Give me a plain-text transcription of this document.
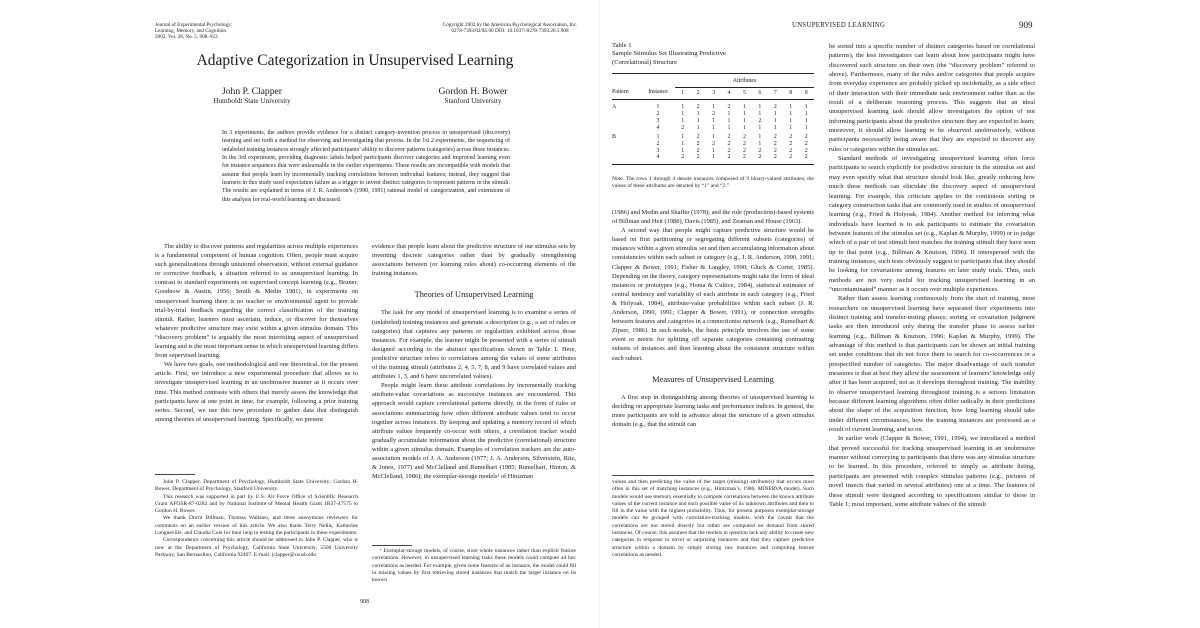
Journal of Experimental Psychology:
Learning, Memory, and Cognition
2002, Vol. 28, No. 5, 908–923
Copyright 2002 by the American Psychological Association, Inc.
0278-7393/02/$5.00 DOI: 10.1037//0278-7393.28.5.908
Adaptive Categorization in Unsupervised Learning
John P. Clapper
Humboldt State University
Gordon H. Bower
Stanford University
In 3 experiments, the authors provide evidence for a distinct category-invention process in unsupervised (discovery) learning and set forth a method for observing and investigating that process. In the 1st 2 experiments, the sequencing of unlabeled training instances strongly affected participants’ ability to discover patterns (categories) across those instances. In the 3rd experiment, providing diagnostic labels helped participants discover categories and improved learning even for instance sequences that were unlearnable in the earlier experiments. These results are incompatible with models that assume that people learn by incrementally tracking correlations between individual features; instead, they suggest that learners in this study used expectation failure as a trigger to invent distinct categories to represent patterns in the stimuli. The results are explained in terms of J. R. Anderson’s (1990, 1991) rational model of categorization, and extensions of this analysis for real-world learning are discussed.

The ability to discover patterns and regularities across multiple experiences is a fundamental component of human cognition. Often, people must acquire such generalizations through untutored observation, without external guidance or corrective feedback, a situation referred to as unsupervised learning. In contrast to standard experiments on supervised concept learning (e.g., Bruner, Goodnow & Austin, 1956; Smith & Medin 1981), in experiments on unsupervised learning there is no teacher or environmental agent to provide trial-by-trial feedback regarding the correct classification of the training stimuli. Rather, learners must ascertain, induce, or discover for themselves whatever predictive structure may exist within a given stimulus domain. This “discovery problem” is arguably the most interesting aspect of unsupervised learning and is the most important sense in which unsupervised learning differs from supervised learning.

We have two goals, one methodological and one theoretical, for the present article. First, we introduce a new experimental procedure that allows us to investigate unsupervised learning in an unobtrusive manner as it occurs over time. This method contrasts with others that merely assess the knowledge that participants have at one point in time, for example, following a prior training series. Second, we use this new procedure to gather data that distinguish among theories of unsupervised learning. Specifically, we present

John P. Clapper, Department of Psychology, Humboldt State University; Gordon H. Bower, Department of Psychology, Stanford University.

This research was supported in part by U.S. Air Force Office of Scientific Research Grant AFOSR-87-0282 and by National Institute of Mental Health Grant 1R37-47575 to Gordon H. Bower.

We thank Dorrit Billman, Thomas Wallsten, and three anonymous reviewers for comments on an earlier version of this article. We also thank Terry Nellis, Katherine Longueville, and Claudia Cole for their help in testing the participants in these experiments.

Correspondence concerning this article should be addressed to John P. Clapper, who is now at the Department of Psychology, California State University, 5500 University Parkway, San Bernardino, California 92407. E-mail: jclapper@csusb.edu

evidence that people learn about the predictive structure of our stimulus sets by inventing discrete categories rather than by gradually strengthening associations between (or learning rules about) co-occurring elements of the training instances.

Theories of Unsupervised Learning

The task for any model of unsupervised learning is to examine a series of (unlabeled) training instances and generate a description (e.g., a set of rules or categories) that captures any patterns or regularities exhibited across those instances. For example, the learner might be presented with a series of stimuli designed according to the abstract specifications shown in Table 1. Here, predictive structure refers to correlations among the values of some attributes of the training stimuli (attributes 2, 4, 5, 7, 8, and 9 have correlated values and attributes 1, 3, and 6 have uncorrelated values).

People might learn these attribute correlations by incrementally tracking attribute-value covariations as successive instances are encountered. This approach would capture correlational patterns directly, in the form of rules or associations summarizing how often different attribute values tend to occur together across instances. By keeping and updating a memory record of which attribute values frequently co-occur with others, a correlation tracker would gradually accumulate information about the predictive (correlational) structure within a given stimulus domain. Examples of correlation trackers are the auto-association models of J. A. Anderson (1977; J. A. Anderson, Silverstein, Ritz, & Jones, 1977) and McClelland and Rumelhart (1985; Rumelhart, Hinton, & McClelland, 1986); the exemplar-storage models¹ of Hintzman

¹ Exemplar-storage models, of course, store whole instances rather than explicit feature correlations. However, in unsupervised learning tasks these models could compute ad hoc correlations as needed. For example, given some features of an instance, the model could fill in missing values by first retrieving stored instances that match the target instance on its known

908
UNSUPERVISED LEARNING	909
Table 1
Sample Stimulus Set Illustrating Predictive
(Correlational) Structure
		Attributes								
Pattern	Instance	1	2	3	4	5	6	7	8	9
A	1	1	2	1	2	1	1	2	1	1
	2	1	1	2	1	1	1	1	1	1
	3	1	1	1	1	1	2	1	1	1
	4	2	1	1	1	1	1	1	1	1
B	1	1	2	1	2	2	1	2	2	2
	2	1	2	2	2	2	1	2	2	2
	3	1	2	1	2	2	2	2	2	2
	4	2	2	1	2	2	2	2	2	2
Note. The rows 1 through 4 denote instances composed of 9 binary-valued attributes; the values of these attributes are denoted by “1” and “2.”

(1986) and Medin and Shaffer (1978); and the rule (production)-based systems of Billman and Heit (1988), Davis (1985), and Zeaman and House (1963).

A second way that people might capture predictive structure would be based on first partitioning or segregating different subsets (categories) of instances within a given stimulus set and then accumulating information about consistencies within each subset or category (e.g., J. R. Anderson, 1990, 1991; Clapper & Bower, 1991; Fisher & Langley, 1990; Gluck & Corter, 1985). Depending on the theory, category representations might take the form of ideal instances or prototypes (e.g., Homa & Cultice, 1984), statistical estimates of central tendency and variability of each attribute in each category (e.g., Fried & Holyoak, 1984), attribute-value probabilities within each subset (J. R. Anderson, 1990, 1991; Clapper & Bower, 1991), or connection strengths between features and categories in a connectionist network (e.g., Rumelhart & Zipser, 1986). In such models, the basic principle involves the use of some event or metric for splitting off separate categories containing contrasting subsets of instances and then learning about the consistent structure within each subset.

Measures of Unsupervised Learning

A first step in distinguishing among theories of unsupervised learning is deciding on appropriate learning tasks and performance indices. In general, the more participants are told in advance about the structure of a given stimulus domain (e.g., that the stimuli can

values and then predicting the value of the target (missing) attribute(s) that occurs most often in this set of matching instances (e.g., Hintzman’s, 1986, MINERVA model). Such models would use memory essentially to compute correlations between the known attribute values of the current instance and each possible value of its unknown attributes and then to fill in the value with the highest probability. Thus, for present purposes exemplar-storage models can be grouped with correlation-tracking models, with the caveat that the correlations are not stored directly but rather are computed on demand from stored instances. Of course, this assumes that the models in question lack any ability to create new categories in response to novel or surprising instances and that they capture predictive structure within a domain by simply storing raw instances and computing feature correlations as needed.

be sorted into a specific number of distinct categories based on correlational patterns), the less investigators can learn about how participants might have discovered such structure on their own (the “discovery problem” referred to above). Furthermore, many of the rules and/or categories that people acquire from everyday experience are probably picked up incidentally, as a side effect of their interaction with their immediate task environment rather than as the result of a deliberate reasoning process. This suggests that an ideal unsupervised learning task should allow investigators the option of not informing participants about the predictive structure they are expected to learn; moreover, it should allow learning to be observed unobtrusively, without participants necessarily being aware that they are expected to discover any rules or categories within the stimulus set.

Standard methods of investigating unsupervised learning often force participants to search explicitly for predictive structure in the stimulus set and may even specify what that structure should look like, greatly reducing how much these methods can elucidate the discovery aspect of unsupervised learning. For example, this criticism applies to the continuous sorting or category construction tasks that are commonly used in studies of unsupervised learning (e.g., Fried & Holyoak, 1984). Another method for inferring what individuals have learned is to ask participants to estimate the covariation between features of the stimulus set (e.g., Kaplan & Murphy, 1999) or to judge which of a pair of test stimuli best matches the training stimuli they have seen up to that point (e.g., Billman & Knutson, 1996). If interspersed with the training instances, such tests obviously suggest to participants that they should be looking for covariations among features on later study trials. Thus, such methods are not very useful for tracking unsupervised learning in an “uncontaminated” manner as it occurs over multiple experiences.

Rather than assess learning continuously from the start of training, most researchers on unsupervised learning have separated their experiments into distinct training and transfer-testing phases; sorting or covariation judgment tasks are then introduced only during the transfer phase to assess earlier learning (e.g., Billman & Knutson, 1996; Kaplan & Murphy, 1999). The advantage of this method is that participants can be shown an initial training set under conditions that do not force them to search for co-occurrences or a prespecified number of categories. The major disadvantage of such transfer measures is that at best they allow the assessment of learners’ knowledge only after it has been acquired, not as it develops throughout training. The inability to observe unsupervised learning throughout training is a serious limitation because different learning algorithms often differ radically in their predictions about the shape of the acquisition function, how long learning should take under different circumstances, how the training instances are processed as a result of current learning, and so on.

In earlier work (Clapper & Bower, 1991, 1994), we introduced a method that proved successful for tracking unsupervised learning in an unobtrusive manner without conveying to participants that there was any stimulus structure to be learned. In this procedure, referred to simply as attribute listing, participants are presented with complex stimulus patterns (e.g., pictures of novel insects that varied in several attributes) one at a time. The features of these stimuli were designed according to specifications similar to those in Table 1; most important, some attribute values of the stimuli
